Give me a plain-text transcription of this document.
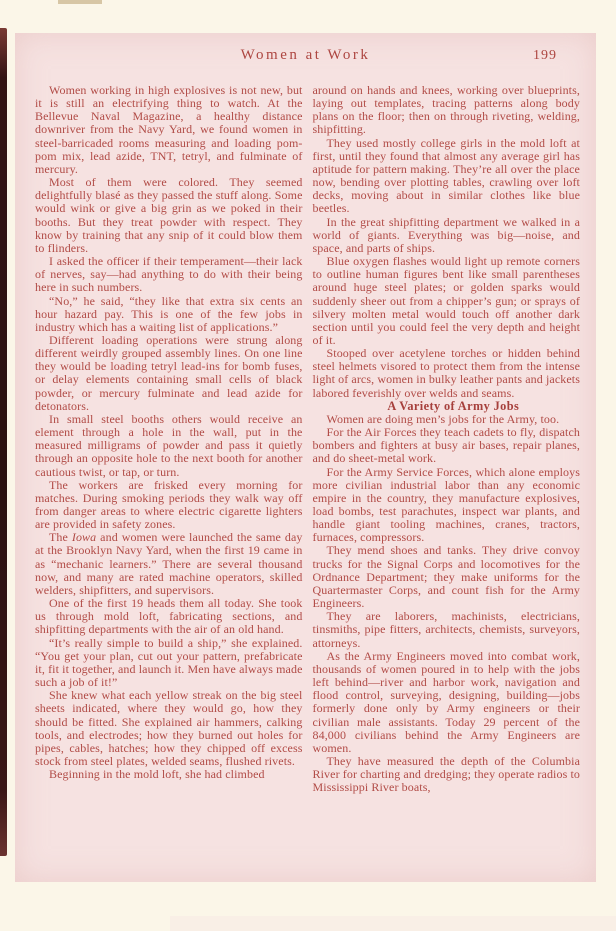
Women at Work	199

Women working in high explosives is not new, but it is still an electrifying thing to watch. At the Bellevue Naval Magazine, a healthy distance downriver from the Navy Yard, we found women in steel-barricaded rooms measuring and loading pom-pom mix, lead azide, TNT, tetryl, and fulminate of mercury.

Most of them were colored. They seemed delightfully blasé as they passed the stuff along. Some would wink or give a big grin as we poked in their booths. But they treat powder with respect. They know by training that any snip of it could blow them to flinders.

I asked the officer if their temperament—their lack of nerves, say—had anything to do with their being here in such numbers.

“No,” he said, “they like that extra six cents an hour hazard pay. This is one of the few jobs in industry which has a waiting list of applications.”

Different loading operations were strung along different weirdly grouped assembly lines. On one line they would be loading tetryl lead-ins for bomb fuses, or delay elements containing small cells of black powder, or mercury fulminate and lead azide for detonators.

In small steel booths others would receive an element through a hole in the wall, put in the measured milligrams of powder and pass it quietly through an opposite hole to the next booth for another cautious twist, or tap, or turn.

The workers are frisked every morning for matches. During smoking periods they walk way off from danger areas to where electric cigarette lighters are provided in safety zones.

The Iowa and women were launched the same day at the Brooklyn Navy Yard, when the first 19 came in as “mechanic learners.” There are several thousand now, and many are rated machine operators, skilled welders, shipfitters, and supervisors.

One of the first 19 heads them all today. She took us through mold loft, fabricating sections, and shipfitting departments with the air of an old hand.

“It’s really simple to build a ship,” she explained. “You get your plan, cut out your pattern, prefabricate it, fit it together, and launch it. Men have always made such a job of it!”

She knew what each yellow streak on the big steel sheets indicated, where they would go, how they should be fitted. She explained air hammers, calking tools, and electrodes; how they burned out holes for pipes, cables, hatches; how they chipped off excess stock from steel plates, welded seams, flushed rivets.

Beginning in the mold loft, she had climbed

around on hands and knees, working over blueprints, laying out templates, tracing patterns along body plans on the floor; then on through riveting, welding, shipfitting.

They used mostly college girls in the mold loft at first, until they found that almost any average girl has aptitude for pattern making. They’re all over the place now, bending over plotting tables, crawling over loft decks, moving about in similar clothes like blue beetles.

In the great shipfitting department we walked in a world of giants. Everything was big—noise, and space, and parts of ships.

Blue oxygen flashes would light up remote corners to outline human figures bent like small parentheses around huge steel plates; or golden sparks would suddenly sheer out from a chipper’s gun; or sprays of silvery molten metal would touch off another dark section until you could feel the very depth and height of it.

Stooped over acetylene torches or hidden behind steel helmets visored to protect them from the intense light of arcs, women in bulky leather pants and jackets labored feverishly over welds and seams.

A Variety of Army Jobs

Women are doing men’s jobs for the Army, too.

For the Air Forces they teach cadets to fly, dispatch bombers and fighters at busy air bases, repair planes, and do sheet-metal work.

For the Army Service Forces, which alone employs more civilian industrial labor than any economic empire in the country, they manufacture explosives, load bombs, test parachutes, inspect war plants, and handle giant tooling machines, cranes, tractors, furnaces, compressors.

They mend shoes and tanks. They drive convoy trucks for the Signal Corps and locomotives for the Ordnance Department; they make uniforms for the Quartermaster Corps, and count fish for the Army Engineers.

They are laborers, machinists, electricians, tinsmiths, pipe fitters, architects, chemists, surveyors, attorneys.

As the Army Engineers moved into combat work, thousands of women poured in to help with the jobs left behind—river and harbor work, navigation and flood control, surveying, designing, building—jobs formerly done only by Army engineers or their civilian male assistants. Today 29 percent of the 84,000 civilians behind the Army Engineers are women.

They have measured the depth of the Columbia River for charting and dredging; they operate radios to Mississippi River boats,
